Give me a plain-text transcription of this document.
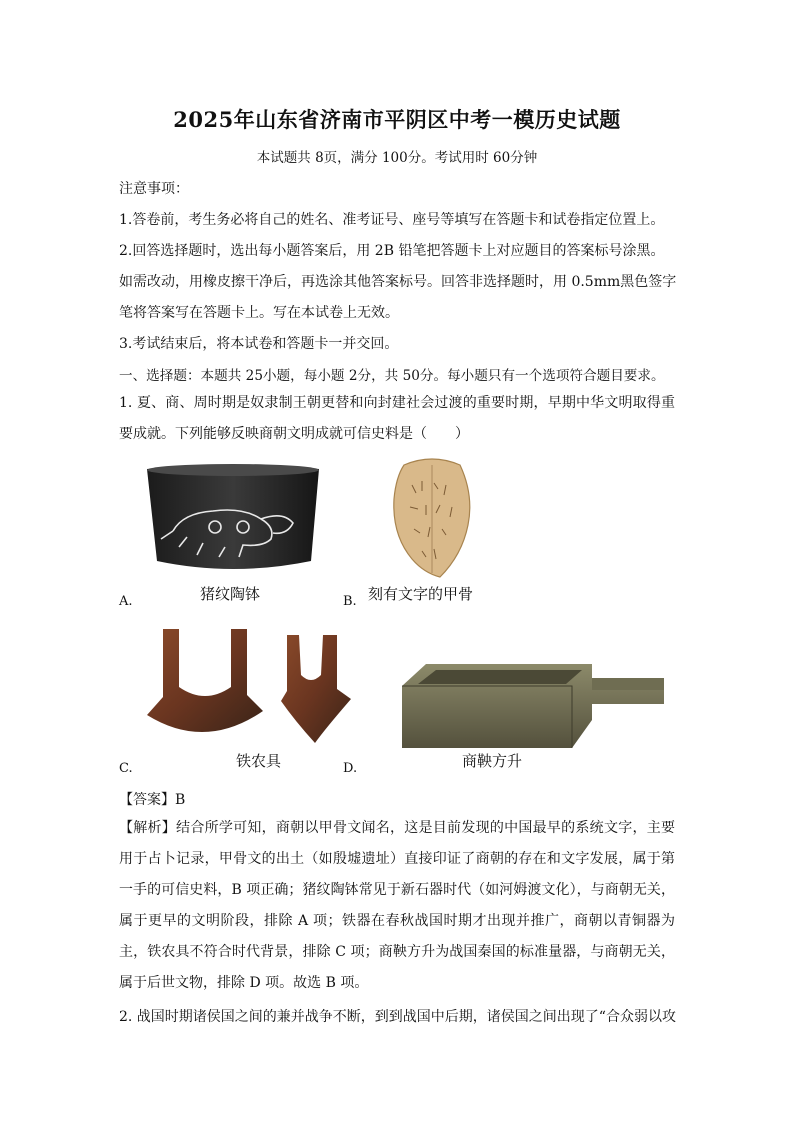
2025年山东省济南市平阴区中考一模历史试题
本试题共 8页，满分 100分。考试用时 60分钟
注意事项：
1.答卷前，考生务必将自己的姓名、准考证号、座号等填写在答题卡和试卷指定位置上。
2.回答选择题时，选出每小题答案后，用 2B 铅笔把答题卡上对应题目的答案标号涂黑。
如需改动，用橡皮擦干净后，再选涂其他答案标号。回答非选择题时，用 0.5mm黑色签字
笔将答案写在答题卡上。写在本试卷上无效。
3.考试结束后，将本试卷和答题卡一并交回。
一、选择题：本题共 25小题，每小题 2分，共 50分。每小题只有一个选项符合题目要求。
1. 夏、商、周时期是奴隶制王朝更替和向封建社会过渡的重要时期，早期中华文明取得重要成就。下列能够反映商朝文明成就可信史料是（　　）
A.	猪纹陶钵	B. 刻有文字的甲骨
C.	铁农具	D.	商鞅方升
【答案】B
【解析】结合所学可知，商朝以甲骨文闻名，这是目前发现的中国最早的系统文字，主要用于占卜记录，甲骨文的出土（如殷墟遗址）直接印证了商朝的存在和文字发展，属于第一手的可信史料，B 项正确；猪纹陶钵常见于新石器时代（如河姆渡文化），与商朝无关，属于更早的文明阶段，排除 A 项；铁器在春秋战国时期才出现并推广，商朝以青铜器为主，铁农具不符合时代背景，排除 C 项；商鞅方升为战国秦国的标准量器，与商朝无关，属于后世文物，排除 D 项。故选 B 项。
2. 战国时期诸侯国之间的兼并战争不断，到到战国中后期，诸侯国之间出现了“合众弱以攻
